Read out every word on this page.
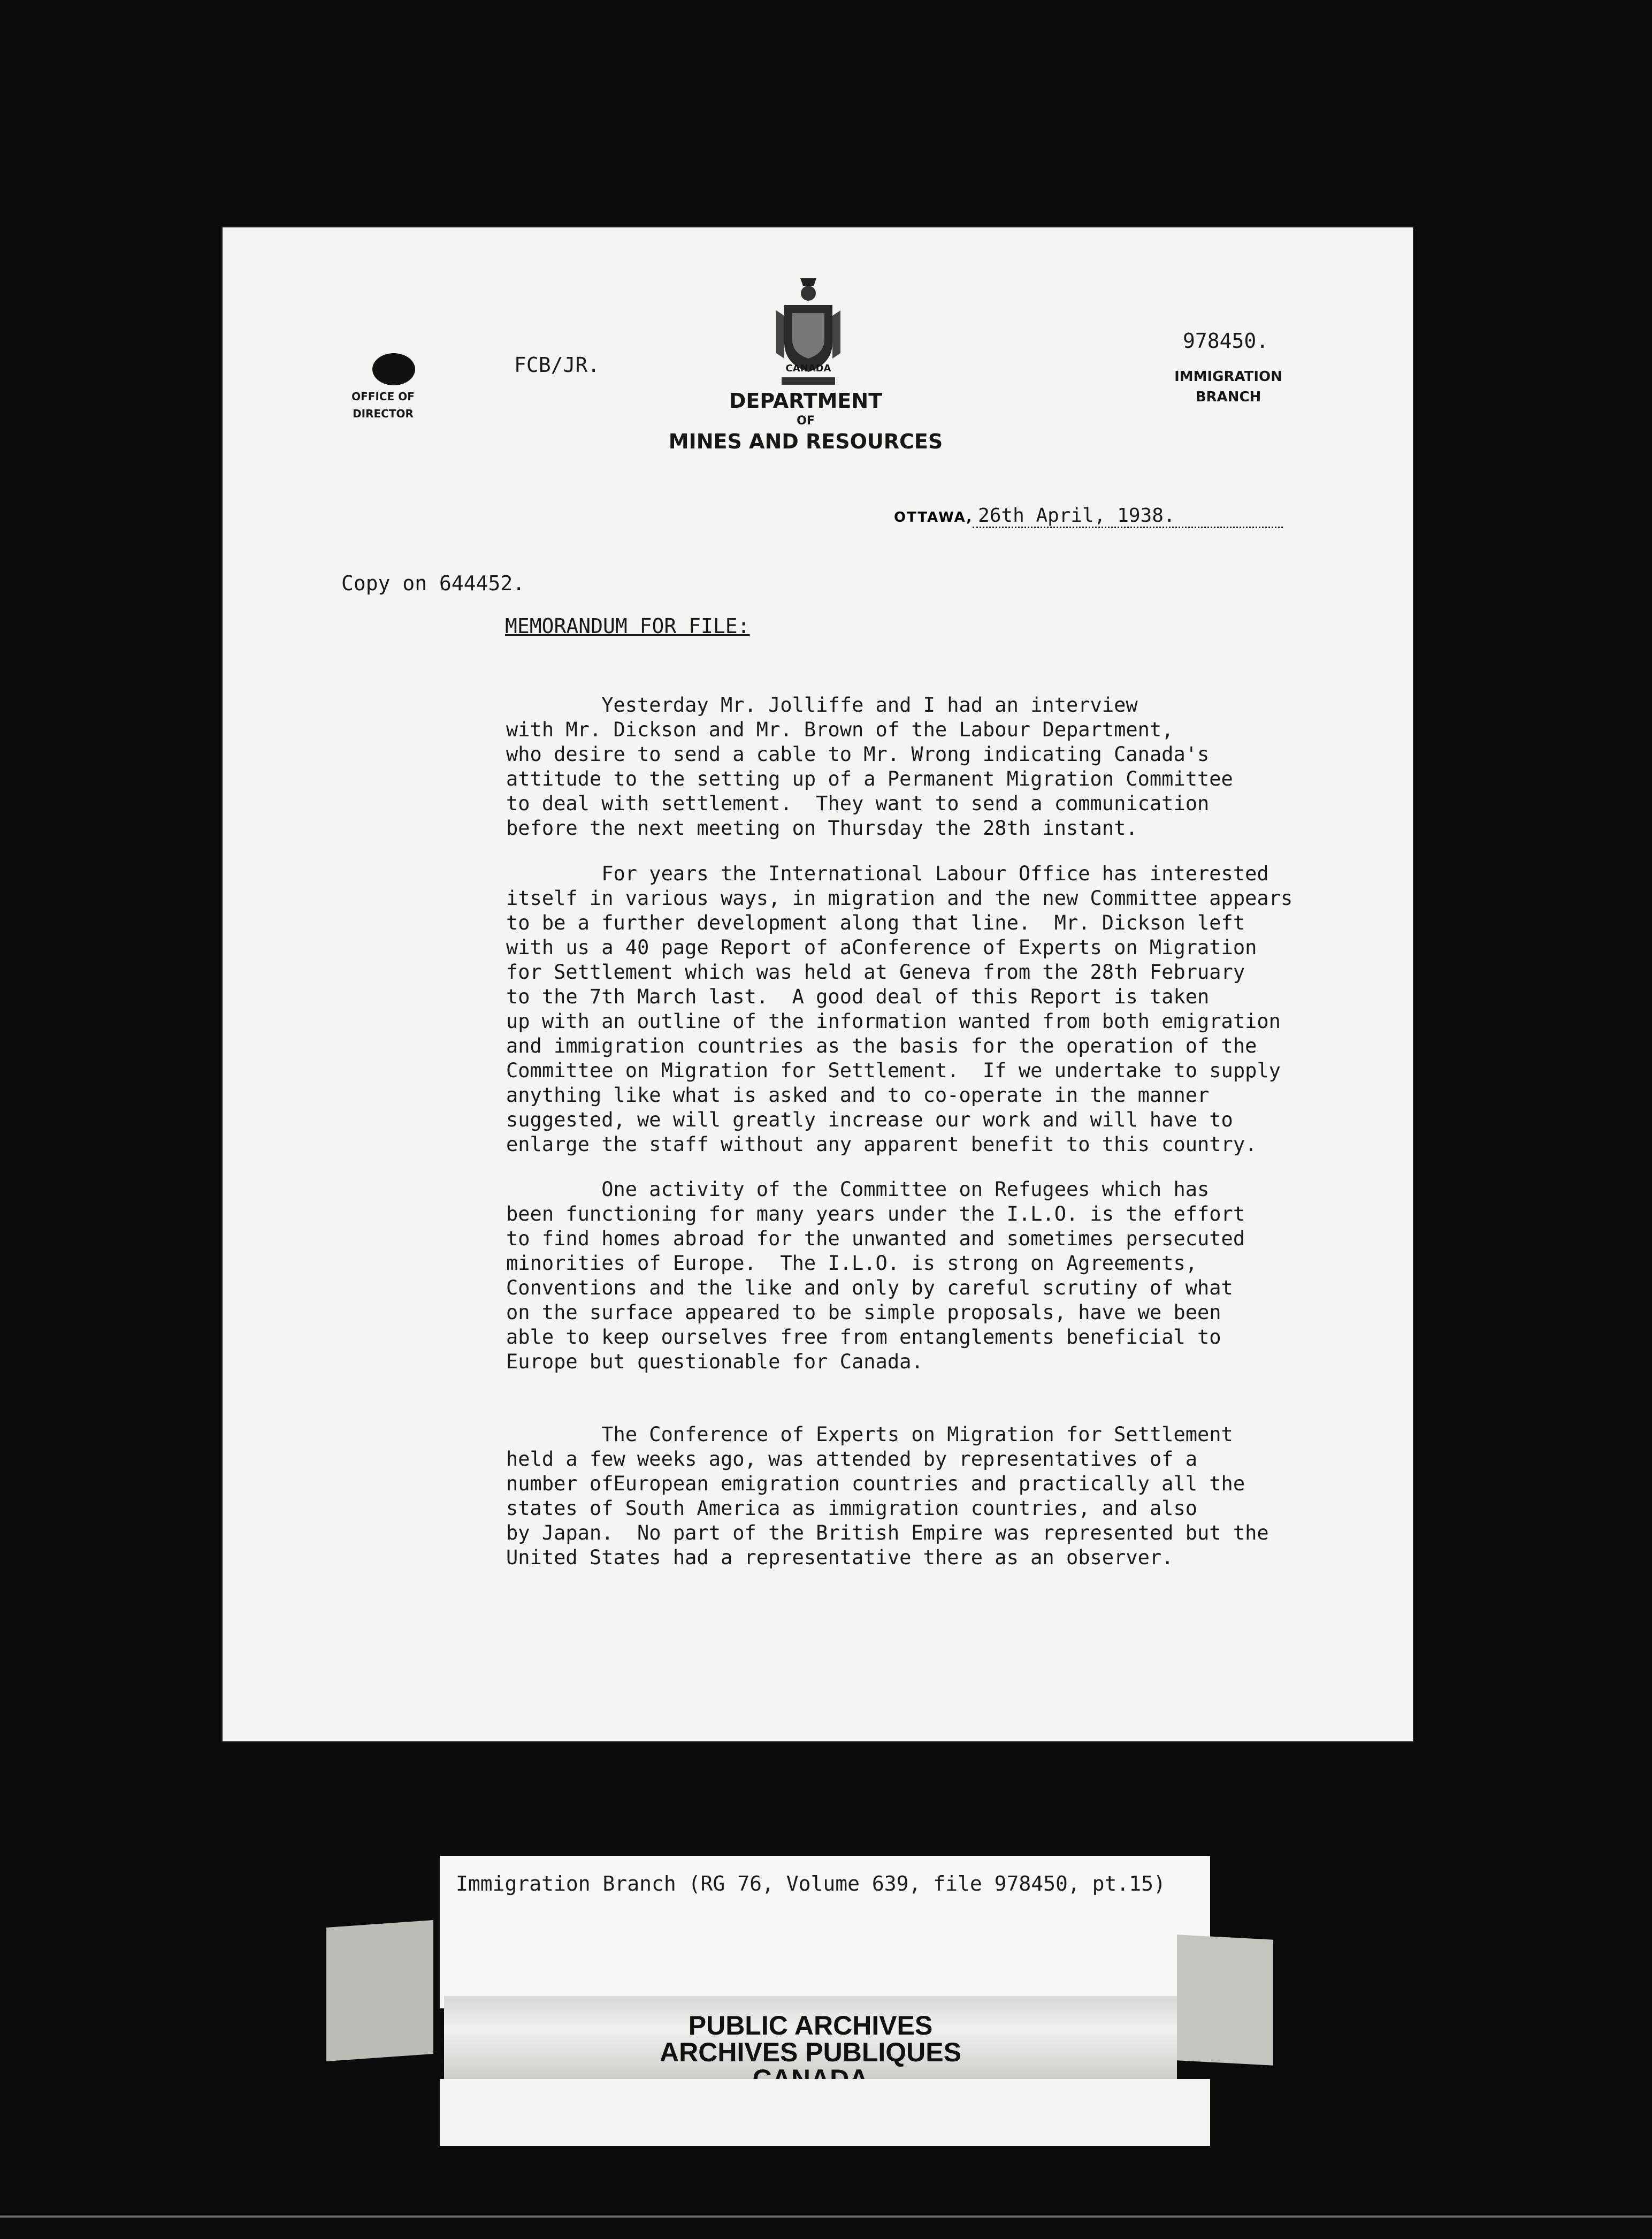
OFFICE OF
DIRECTOR
FCB/JR.
978450.
IMMIGRATION
BRANCH
CANADA
DEPARTMENT
OF
MINES AND RESOURCES
OTTAWA, 26th April, 1938.
Copy on 644452.
MEMORANDUM FOR FILE:
Yesterday Mr. Jolliffe and I had an interview
with Mr. Dickson and Mr. Brown of the Labour Department,
who desire to send a cable to Mr. Wrong indicating Canada's
attitude to the setting up of a Permanent Migration Committee
to deal with settlement.  They want to send a communication
before the next meeting on Thursday the 28th instant.
For years the International Labour Office has interested
itself in various ways, in migration and the new Committee appears
to be a further development along that line.  Mr. Dickson left
with us a 40 page Report of aConference of Experts on Migration
for Settlement which was held at Geneva from the 28th February
to the 7th March last.  A good deal of this Report is taken
up with an outline of the information wanted from both emigration
and immigration countries as the basis for the operation of the
Committee on Migration for Settlement.  If we undertake to supply
anything like what is asked and to co-operate in the manner
suggested, we will greatly increase our work and will have to
enlarge the staff without any apparent benefit to this country.
One activity of the Committee on Refugees which has
been functioning for many years under the I.L.O. is the effort
to find homes abroad for the unwanted and sometimes persecuted
minorities of Europe.  The I.L.O. is strong on Agreements,
Conventions and the like and only by careful scrutiny of what
on the surface appeared to be simple proposals, have we been
able to keep ourselves free from entanglements beneficial to
Europe but questionable for Canada.
The Conference of Experts on Migration for Settlement
held a few weeks ago, was attended by representatives of a
number ofEuropean emigration countries and practically all the
states of South America as immigration countries, and also
by Japan.  No part of the British Empire was represented but the
United States had a representative there as an observer.
Immigration Branch (RG 76, Volume 639, file 978450, pt.15)
PUBLIC ARCHIVES
ARCHIVES PUBLIQUES
